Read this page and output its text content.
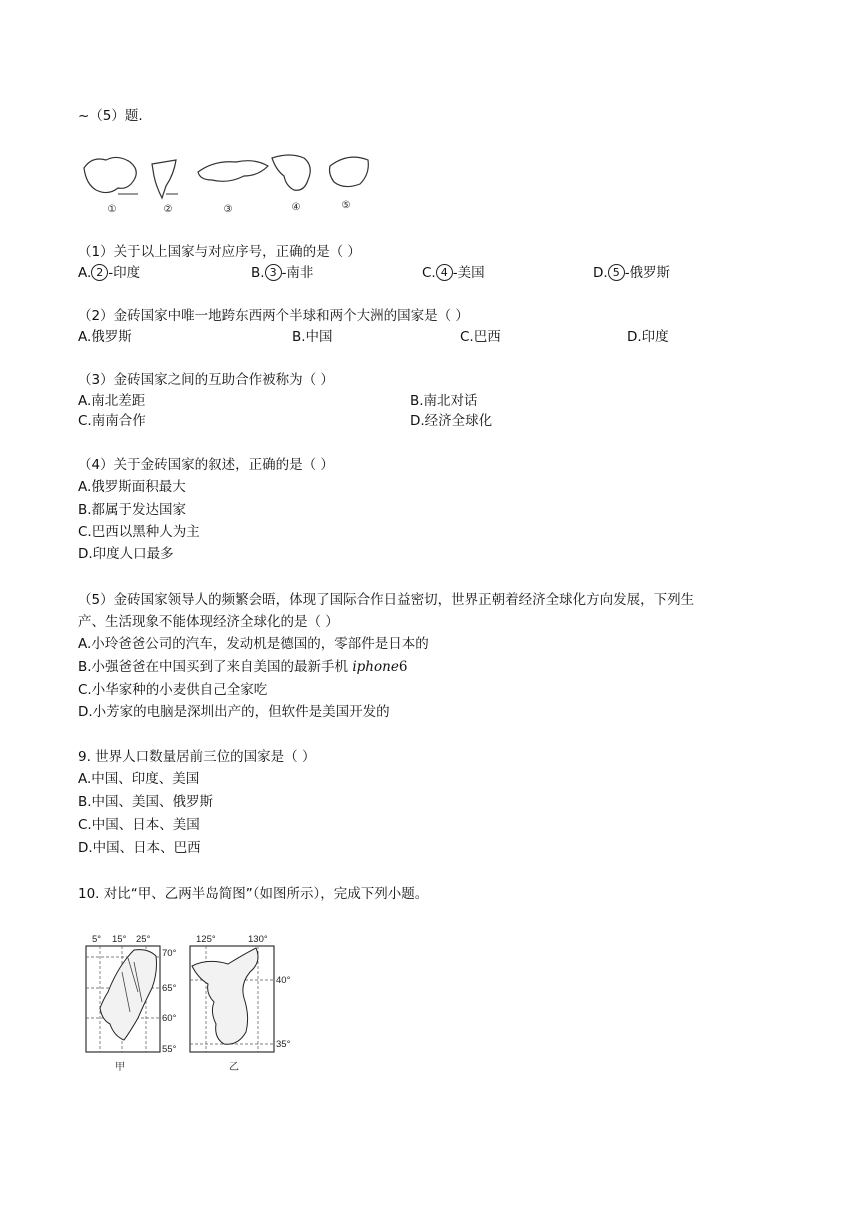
~（5）题.
①	②	③	④	⑤
（1）关于以上国家与对应序号，正确的是（ ）
A. 2 -印度	B. 3 -南非	C. 4 -美国	D. 5 -俄罗斯
（2）金砖国家中唯一地跨东西两个半球和两个大洲的国家是（ ）
A.俄罗斯	B.中国	C.巴西	D.印度
（3）金砖国家之间的互助合作被称为（ ）
A.南北差距	B.南北对话
C.南南合作	D.经济全球化
（4）关于金砖国家的叙述，正确的是（ ）
A.俄罗斯面积最大
B.都属于发达国家
C.巴西以黑种人为主
D.印度人口最多
（5）金砖国家领导人的频繁会晤，体现了国际合作日益密切，世界正朝着经济全球化方向发展，下列生
产、生活现象不能体现经济全球化的是（ ）
A.小玲爸爸公司的汽车，发动机是德国的，零部件是日本的
B.小强爸爸在中国买到了来自美国的最新手机 iphone6
C.小华家种的小麦供自己全家吃
D.小芳家的电脑是深圳出产的，但软件是美国开发的
9. 世界人口数量居前三位的国家是（ ）
A.中国、印度、美国
B.中国、美国、俄罗斯
C.中国、日本、美国
D.中国、日本、巴西
10. 对比“甲、乙两半岛简图”（如图所示），完成下列小题。
5° 15° 25°
70°
65°
60°
55°
甲
125°	130°
40°
35°
乙
